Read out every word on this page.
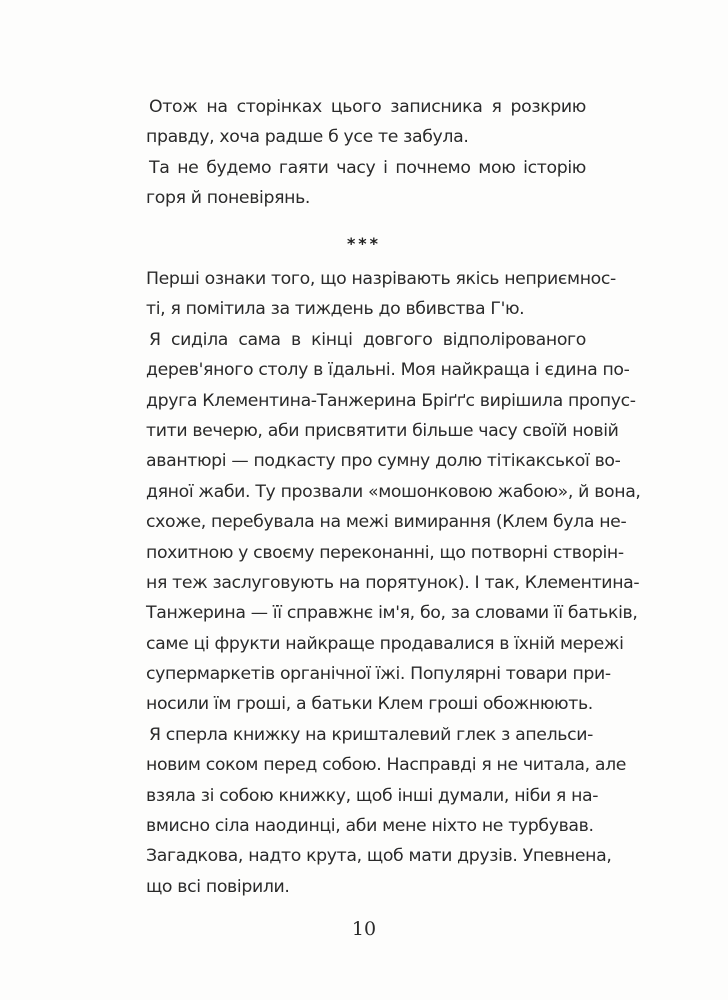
Отож на сторінках цього записника я розкрию
правду, хоча радше б усе те забула.

Та не будемо гаяти часу і почнемо мою історію
горя й поневірянь.

***

Перші ознаки того, що назрівають якісь неприємнос-
ті, я помітила за тиждень до вбивства Г'ю.

Я сиділа сама в кінці довгого відполірованого
дерев'яного столу в їдальні. Моя найкраща і єдина по-
друга Клементина-Танжерина Бріґґс вирішила пропус-
тити вечерю, аби присвятити більше часу своїй новій
авантюрі — подкасту про сумну долю тітікакської во-
дяної жаби. Ту прозвали «мошонковою жабою», й вона,
схоже, перебувала на межі вимирання (Клем була не-
похитною у своєму переконанні, що потворні створін-
ня теж заслуговують на порятунок). І так, Клементина-
Танжерина — її справжнє ім'я, бо, за словами її батьків,
саме ці фрукти найкраще продавалися в їхній мережі
супермаркетів органічної їжі. Популярні товари при-
носили їм гроші, а батьки Клем гроші обожнюють.

Я сперла книжку на кришталевий глек з апельси-
новим соком перед собою. Насправді я не читала, але
взяла зі собою книжку, щоб інші думали, ніби я на-
вмисно сіла наодинці, аби мене ніхто не турбував.
Загадкова, надто крута, щоб мати друзів. Упевнена,
що всі повірили.

10
